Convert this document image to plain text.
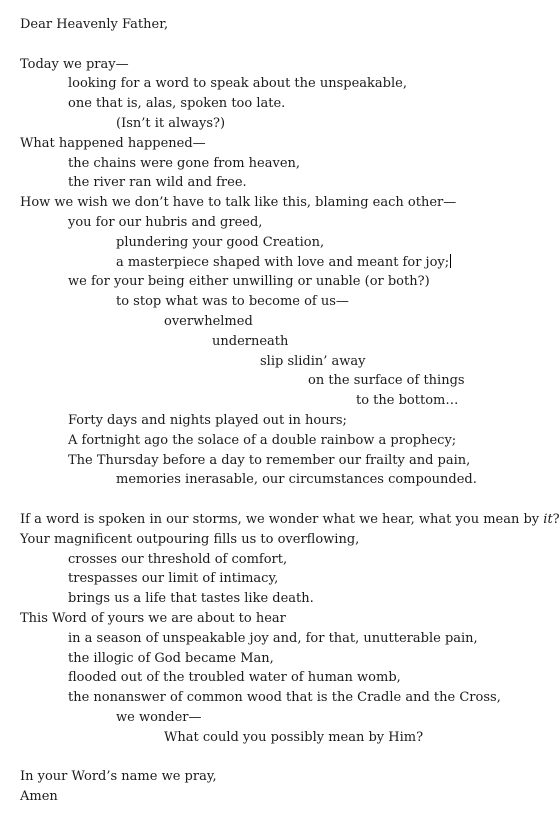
Dear Heavenly Father,
Today we pray—
looking for a word to speak about the unspeakable,
one that is, alas, spoken too late.
(Isn’t it always?)
What happened happened—
the chains were gone from heaven,
the river ran wild and free.
How we wish we don’t have to talk like this, blaming each other—
you for our hubris and greed,
plundering your good Creation,
a masterpiece shaped with love and meant for joy;
we for your being either unwilling or unable (or both?)
to stop what was to become of us—
overwhelmed
underneath
slip slidin’ away
on the surface of things
to the bottom…
Forty days and nights played out in hours;
A fortnight ago the solace of a double rainbow a prophecy;
The Thursday before a day to remember our frailty and pain,
memories inerasable, our circumstances compounded.
If a word is spoken in our storms, we wonder what we hear, what you mean by it?
Your magnificent outpouring fills us to overflowing,
crosses our threshold of comfort,
trespasses our limit of intimacy,
brings us a life that tastes like death.
This Word of yours we are about to hear
in a season of unspeakable joy and, for that, unutterable pain,
the illogic of God became Man,
flooded out of the troubled water of human womb,
the nonanswer of common wood that is the Cradle and the Cross,
we wonder—
What could you possibly mean by Him?
In your Word’s name we pray,
Amen
